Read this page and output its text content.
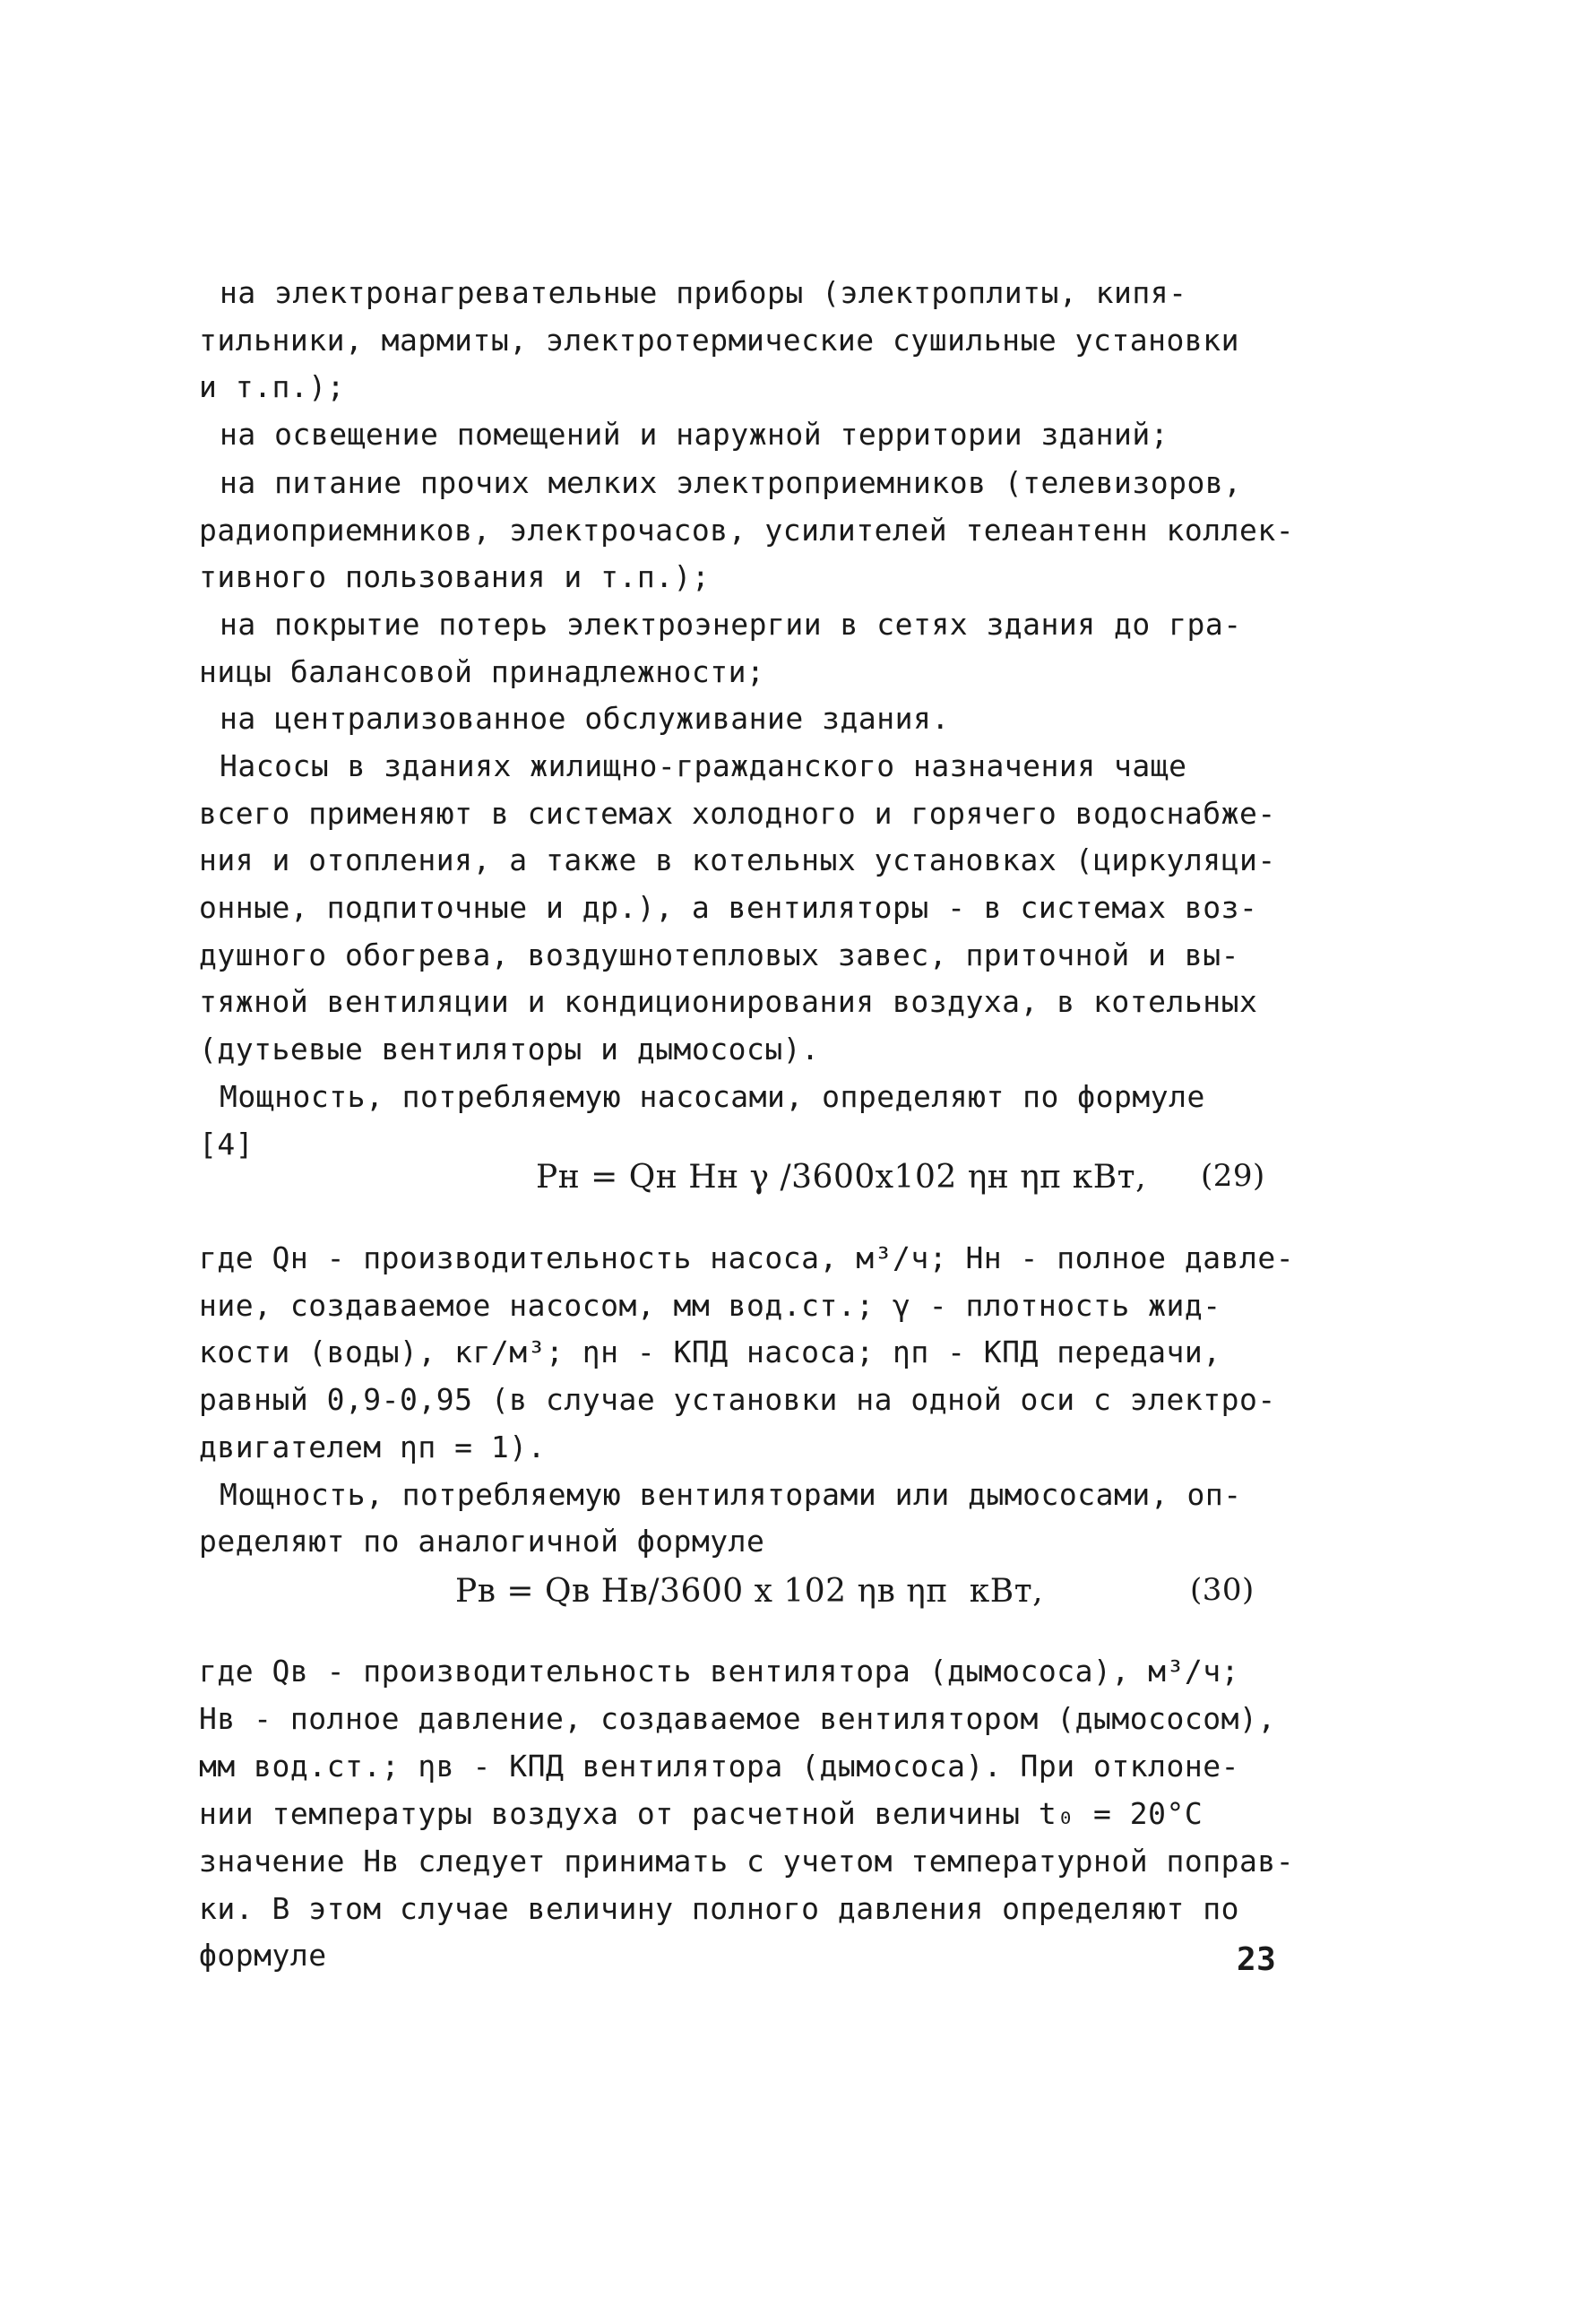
на электронагревательные приборы (электроплиты, кипя-
тильники, мармиты, электротермические сушильные установки
и т.п.);
на освещение помещений и наружной территории зданий;
на питание прочих мелких электроприемников (телевизоров,
радиоприемников, электрочасов, усилителей телеантенн коллек-
тивного пользования и т.п.);
на покрытие потерь электроэнергии в сетях здания до гра-
ницы балансовой принадлежности;
на централизованное обслуживание здания.
Насосы в зданиях жилищно-гражданского назначения чаще
всего применяют в системах холодного и горячего водоснабже-
ния и отопления, а также в котельных установках (циркуляци-
онные, подпиточные и др.), а вентиляторы - в системах воз-
душного обогрева, воздушнотепловых завес, приточной и вы-
тяжной вентиляции и кондиционирования воздуха, в котельных
(дутьевые вентиляторы и дымососы).
Мощность, потребляемую насосами, определяют по формуле
[4]
Pн = Qн Hн γ /3600x102 ηн ηп кВт, (29)
где Qн - производительность насоса, м³/ч; Hн - полное давле-
ние, создаваемое насосом, мм вод.ст.; γ - плотность жид-
кости (воды), кг/м³; ηн - КПД насоса; ηп - КПД передачи,
равный 0,9-0,95 (в случае установки на одной оси с электро-
двигателем ηп = 1).
Мощность, потребляемую вентиляторами или дымососами, оп-
ределяют по аналогичной формуле
Pв = Qв Hв/3600 x 102 ηв ηп  кВт,	(30)
где Qв - производительность вентилятора (дымососа), м³/ч;
Hв - полное давление, создаваемое вентилятором (дымососом),
мм вод.ст.; ηв - КПД вентилятора (дымососа). При отклоне-
нии температуры воздуха от расчетной величины t₀ = 20°C
значение Hв следует принимать с учетом температурной поправ-
ки. В этом случае величину полного давления определяют по
формуле	23
